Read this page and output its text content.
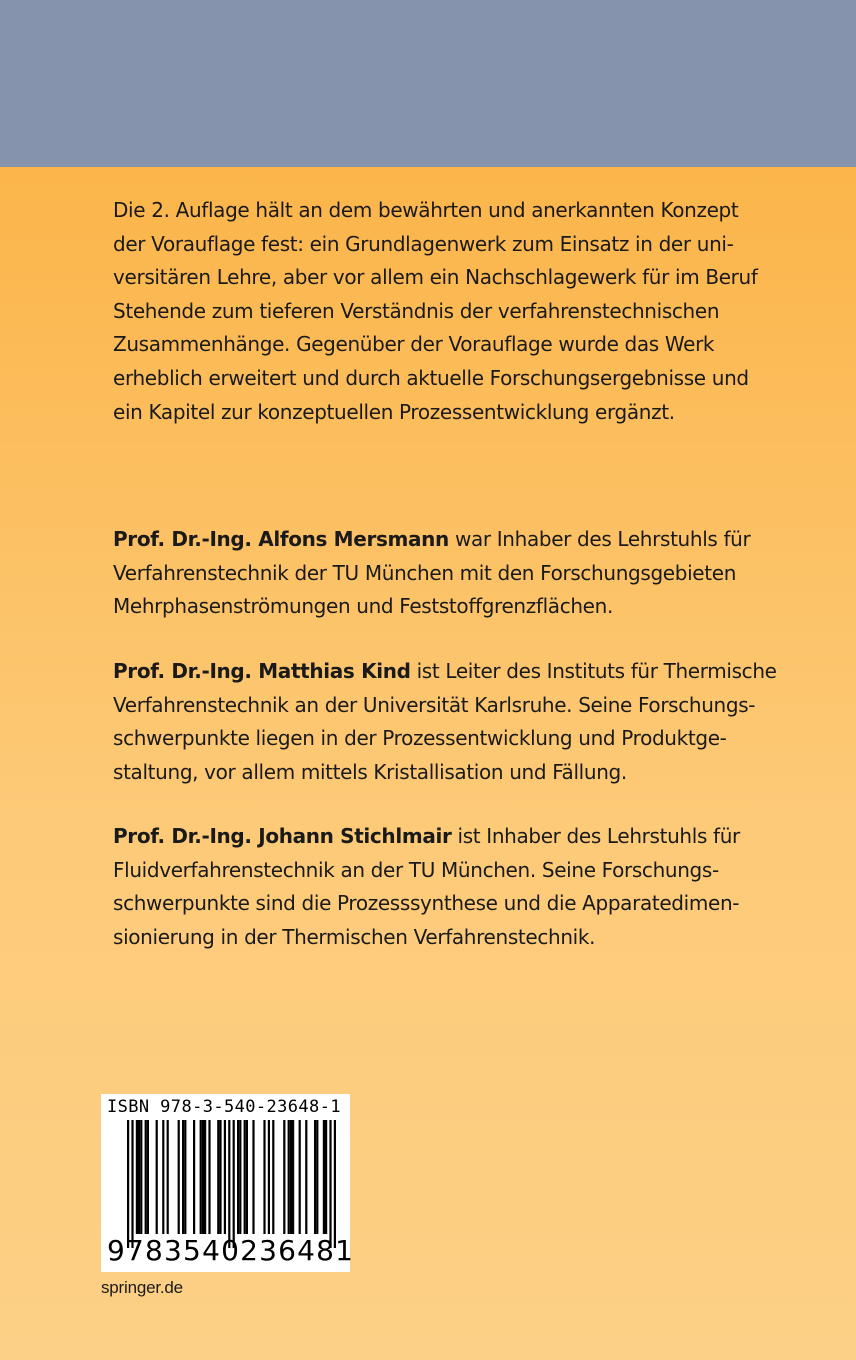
Die 2. Auflage hält an dem bewährten und anerkannten Konzept
der Vorauflage fest: ein Grundlagenwerk zum Einsatz in der uni-
versitären Lehre, aber vor allem ein Nachschlagewerk für im Beruf
Stehende zum tieferen Verständnis der verfahrenstechnischen
Zusammenhänge. Gegenüber der Vorauflage wurde das Werk
erheblich erweitert und durch aktuelle Forschungsergebnisse und
ein Kapitel zur konzeptuellen Prozessentwicklung ergänzt.
Prof. Dr.-Ing. Alfons Mersmann war Inhaber des Lehrstuhls für
Verfahrenstechnik der TU München mit den Forschungsgebieten
Mehrphasenströmungen und Feststoffgrenzflächen.
Prof. Dr.-Ing. Matthias Kind ist Leiter des Instituts für Thermische
Verfahrenstechnik an der Universität Karlsruhe. Seine Forschungs-
schwerpunkte liegen in der Prozessentwicklung und Produktge-
staltung, vor allem mittels Kristallisation und Fällung.
Prof. Dr.-Ing. Johann Stichlmair ist Inhaber des Lehrstuhls für
Fluidverfahrenstechnik an der TU München. Seine Forschungs-
schwerpunkte sind die Prozesssynthese und die Apparatedimen-
sionierung in der Thermischen Verfahrenstechnik.
ISBN 978-3-540-23648-1
9783540236481
springer.de
